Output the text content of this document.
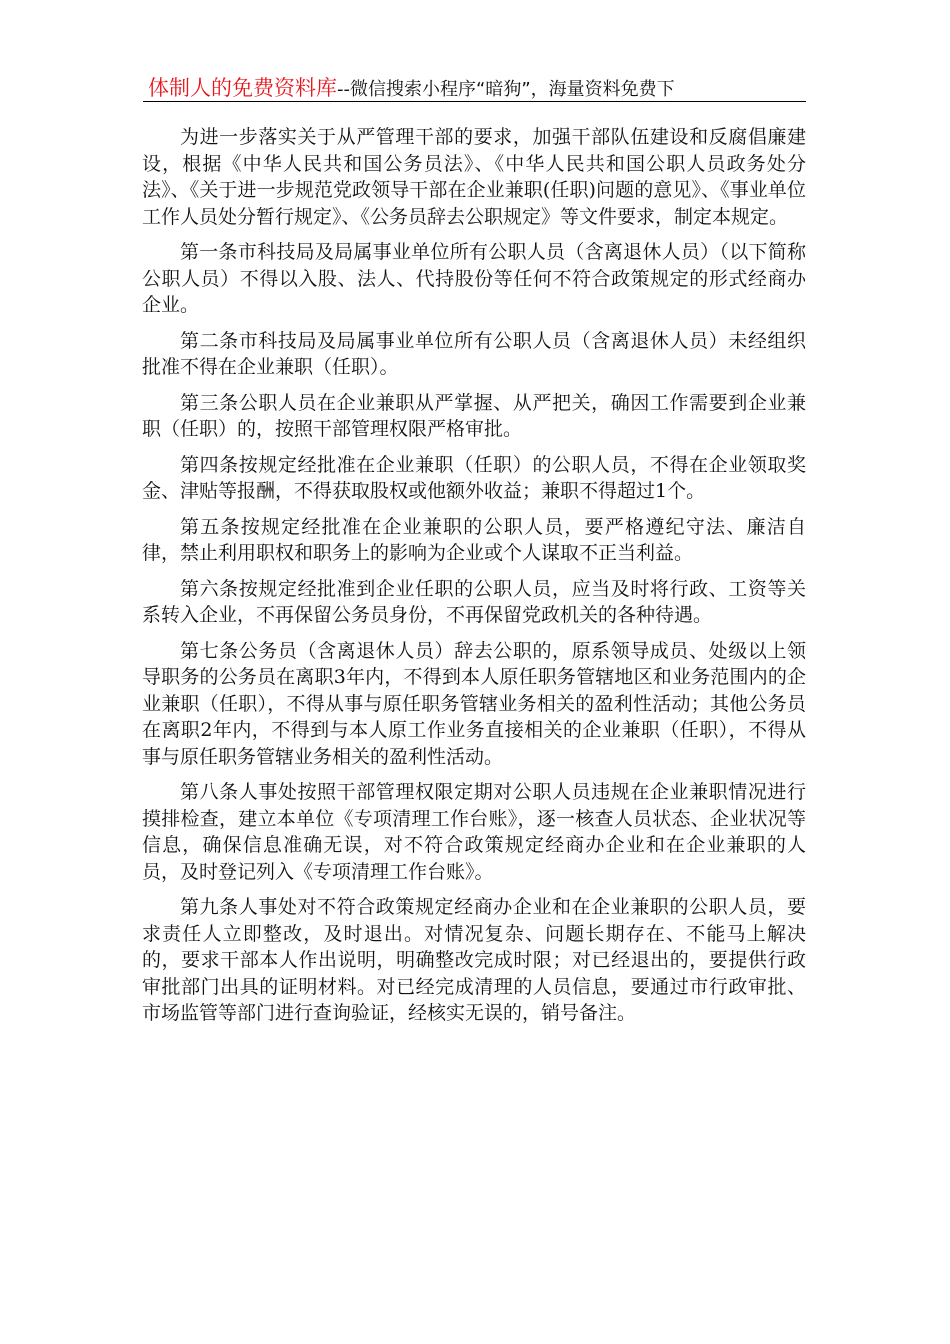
体制人的免费资料库--微信搜索小程序“暗狗”，海量资料免费下

为进一步落实关于从严管理干部的要求，加强干部队伍建设和反腐倡廉建设，根据《中华人民共和国公务员法》、《中华人民共和国公职人员政务处分法》、《关于进一步规范党政领导干部在企业兼职(任职)问题的意见》、《事业单位工作人员处分暂行规定》、《公务员辞去公职规定》等文件要求，制定本规定。

第一条市科技局及局属事业单位所有公职人员（含离退休人员）（以下简称公职人员）不得以入股、法人、代持股份等任何不符合政策规定的形式经商办企业。

第二条市科技局及局属事业单位所有公职人员（含离退休人员）未经组织批准不得在企业兼职（任职）。

第三条公职人员在企业兼职从严掌握、从严把关，确因工作需要到企业兼职（任职）的，按照干部管理权限严格审批。

第四条按规定经批准在企业兼职（任职）的公职人员，不得在企业领取奖金、津贴等报酬，不得获取股权或他额外收益；兼职不得超过1个。

第五条按规定经批准在企业兼职的公职人员，要严格遵纪守法、廉洁自律，禁止利用职权和职务上的影响为企业或个人谋取不正当利益。

第六条按规定经批准到企业任职的公职人员，应当及时将行政、工资等关系转入企业，不再保留公务员身份，不再保留党政机关的各种待遇。

第七条公务员（含离退休人员）辞去公职的，原系领导成员、处级以上领导职务的公务员在离职3年内，不得到本人原任职务管辖地区和业务范围内的企业兼职（任职），不得从事与原任职务管辖业务相关的盈利性活动；其他公务员在离职2年内，不得到与本人原工作业务直接相关的企业兼职（任职），不得从事与原任职务管辖业务相关的盈利性活动。

第八条人事处按照干部管理权限定期对公职人员违规在企业兼职情况进行摸排检查，建立本单位《专项清理工作台账》，逐一核查人员状态、企业状况等信息，确保信息准确无误，对不符合政策规定经商办企业和在企业兼职的人员，及时登记列入《专项清理工作台账》。

第九条人事处对不符合政策规定经商办企业和在企业兼职的公职人员，要求责任人立即整改，及时退出。对情况复杂、问题长期存在、不能马上解决的，要求干部本人作出说明，明确整改完成时限；对已经退出的，要提供行政审批部门出具的证明材料。对已经完成清理的人员信息，要通过市行政审批、市场监管等部门进行查询验证，经核实无误的，销号备注。
